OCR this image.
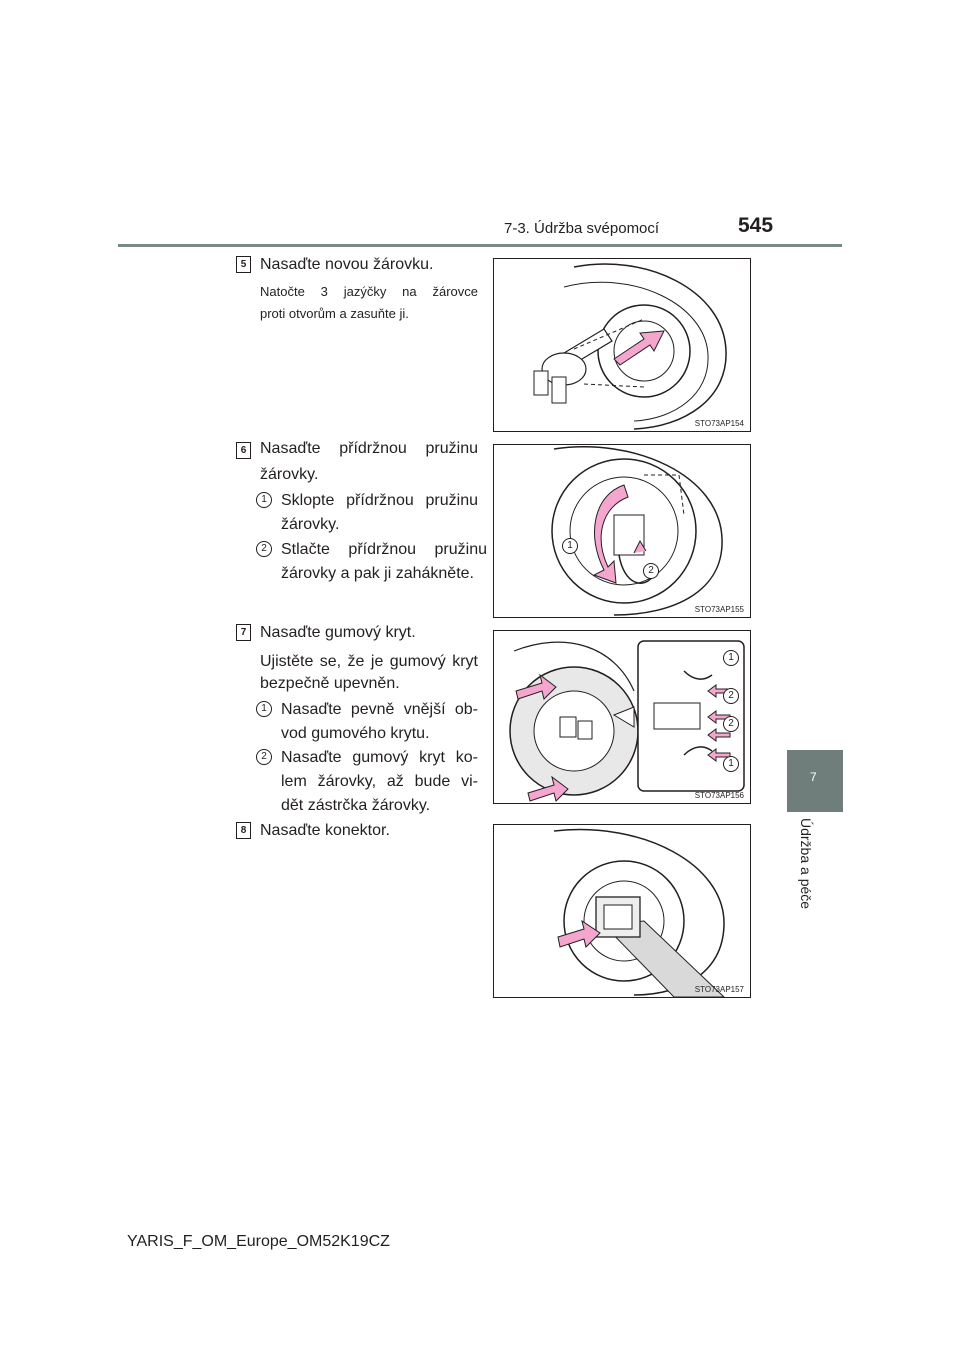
7-3. Údržba svépomocí	545
7
Údržba a péče
5 Nasaďte novou žárovku.
Natočte 3 jazýčky na žárovce
proti otvorům a zasuňte ji.
STO73AP154
6 Nasaďte přídržnou pružinu
žárovky.
1 Sklopte přídržnou pružinu
žárovky.
2 Stlačte přídržnou pružinu
žárovky a pak ji zahákněte.
1
2
STO73AP155
7 Nasaďte gumový kryt.
Ujistěte se, že je gumový kryt
bezpečně upevněn.
1 Nasaďte pevně vnější ob-
vod gumového krytu.
2 Nasaďte gumový kryt ko-
lem žárovky, až bude vi-
dět zástrčka žárovky.
1
2
2
1
STO73AP156
8 Nasaďte konektor.
STO73AP157
YARIS_F_OM_Europe_OM52K19CZ
